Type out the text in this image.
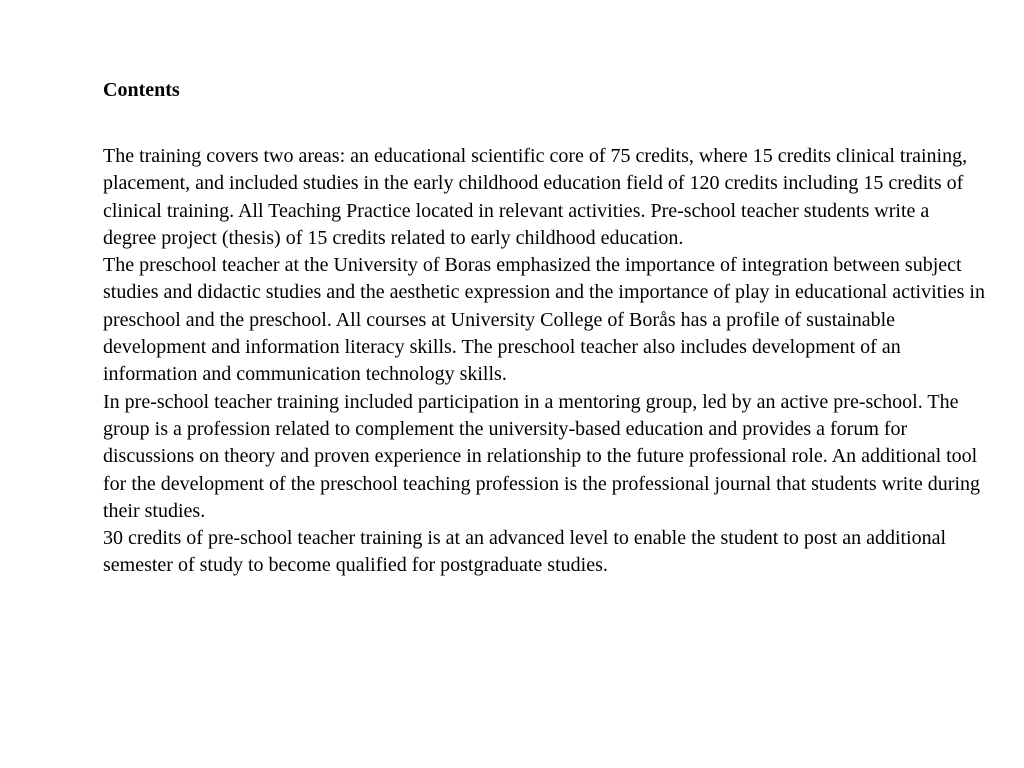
Contents

The training covers two areas: an educational scientific core of 75 credits, where 15 credits clinical training, placement, and included studies in the early childhood education field of 120 credits including 15 credits of clinical training. All Teaching Practice located in relevant activities. Pre-school teacher students write a degree project (thesis) of 15 credits related to early childhood education.

The preschool teacher at the University of Boras emphasized the importance of integration between subject studies and didactic studies and the aesthetic expression and the importance of play in educational activities in preschool and the preschool. All courses at University College of Borås has a profile of sustainable development and information literacy skills. The preschool teacher also includes development of an information and communication technology skills.

In pre-school teacher training included participation in a mentoring group, led by an active pre-school. The group is a profession related to complement the university-based education and provides a forum for discussions on theory and proven experience in relationship to the future professional role. An additional tool for the development of the preschool teaching profession is the professional journal that students write during their studies.

30 credits of pre-school teacher training is at an advanced level to enable the student to post an additional semester of study to become qualified for postgraduate studies.
